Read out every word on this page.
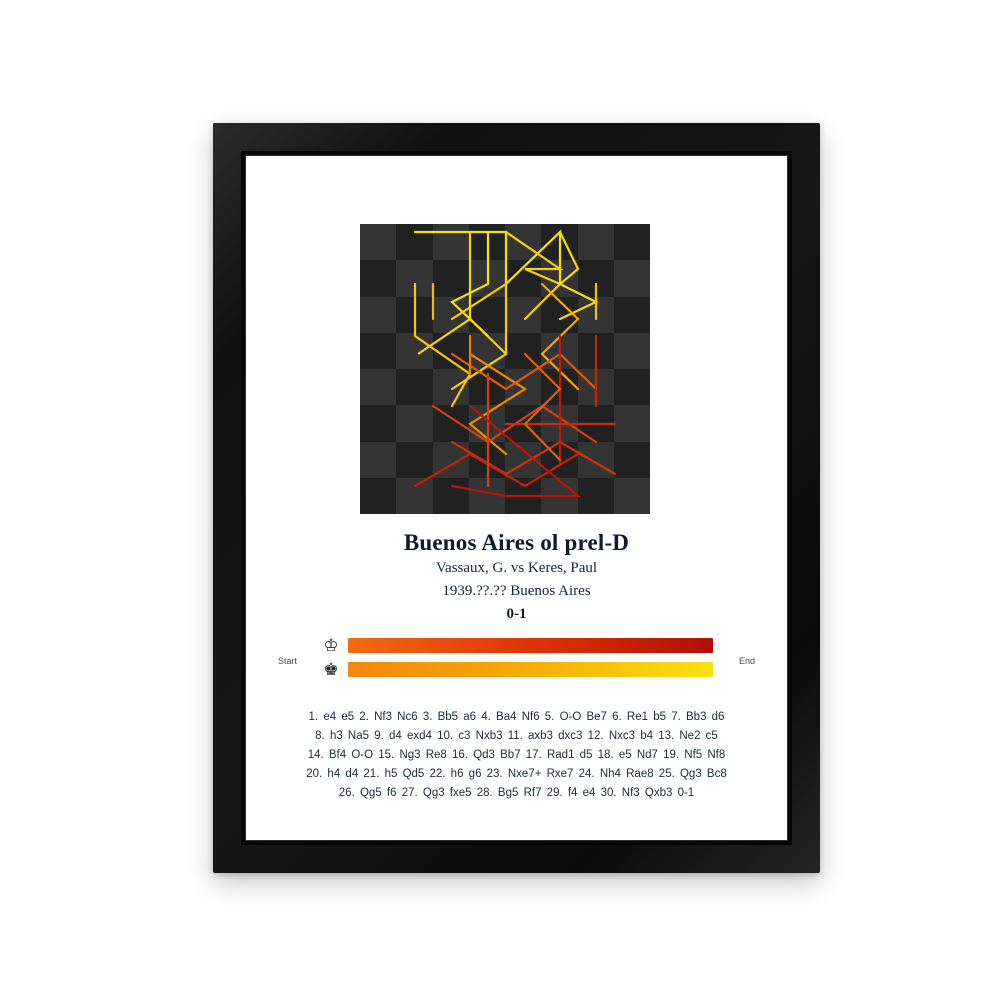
Buenos Aires ol prel-D
Vassaux, G. vs Keres, Paul
1939.??.?? Buenos Aires
0-1
Start	End
♔
♚
1. e4 e5 2. Nf3 Nc6 3. Bb5 a6 4. Ba4 Nf6 5. O-O Be7 6. Re1 b5 7. Bb3 d6
8. h3 Na5 9. d4 exd4 10. c3 Nxb3 11. axb3 dxc3 12. Nxc3 b4 13. Ne2 c5
14. Bf4 O-O 15. Ng3 Re8 16. Qd3 Bb7 17. Rad1 d5 18. e5 Nd7 19. Nf5 Nf8
20. h4 d4 21. h5 Qd5 22. h6 g6 23. Nxe7+ Rxe7 24. Nh4 Rae8 25. Qg3 Bc8
26. Qg5 f6 27. Qg3 fxe5 28. Bg5 Rf7 29. f4 e4 30. Nf3 Qxb3 0-1
